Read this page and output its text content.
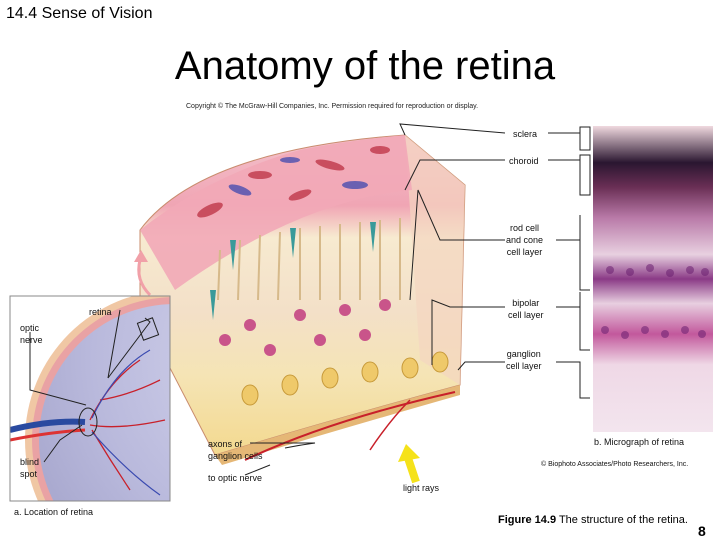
14.4 Sense of Vision
Anatomy of the retina
Copyright © The McGraw-Hill Companies, Inc. Permission required for reproduction or display.
sclera
choroid
rod cell
and cone
cell layer
bipolar
cell layer
ganglion
cell layer
axons of
ganglion cells
to optic nerve
light rays
retina
optic
nerve
blind
spot
a. Location of retina
b. Micrograph of retina
© Biophoto Associates/Photo Researchers, Inc.
Figure 14.9 The structure of the retina.
8
